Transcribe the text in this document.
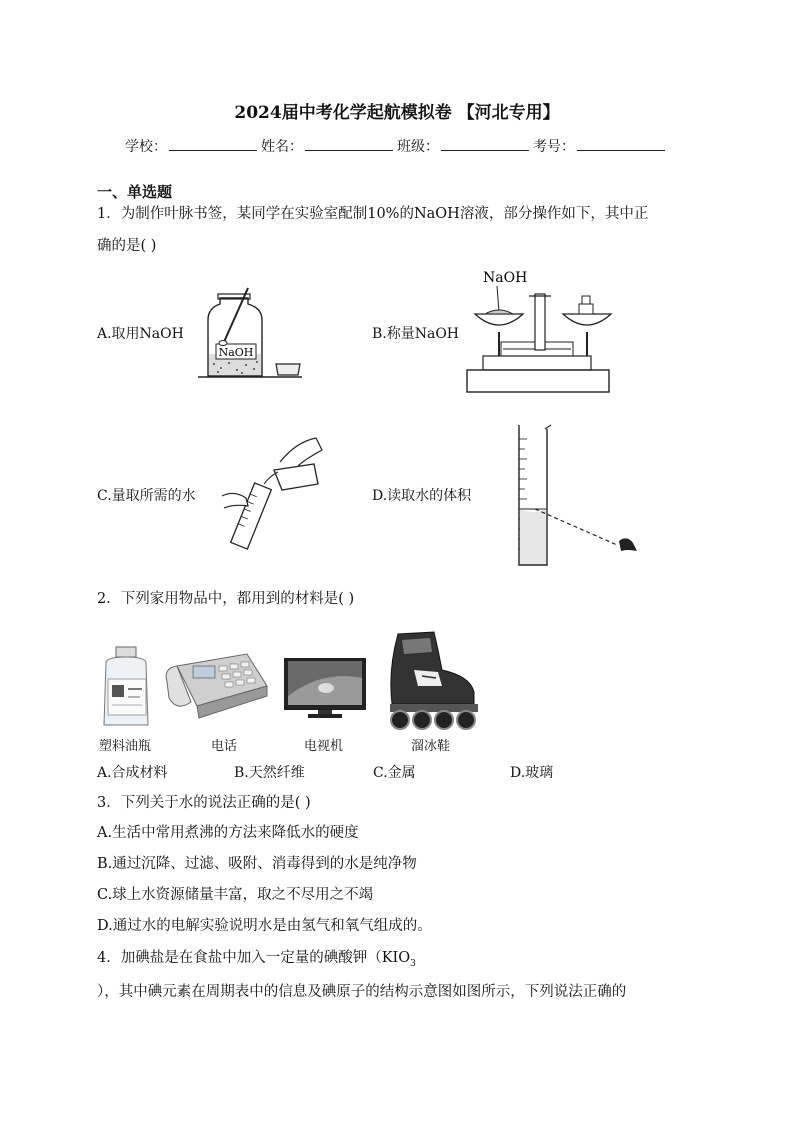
2024届中考化学起航模拟卷 【河北专用】
学校：	姓名：	班级：	考号：
一、单选题
1．为制作叶脉书签，某同学在实验室配制10%的NaOH溶液，部分操作如下，其中正
确的是( )
A.取用NaOH	B.称量NaOH
C.量取所需的水	D.读取水的体积
NaOH
NaOH
2．下列家用物品中，都用到的材料是( )
塑料油瓶	电话	电视机	溜冰鞋
A.合成材料	B.天然纤维	C.金属	D.玻璃
3．下列关于水的说法正确的是( )
A.生活中常用煮沸的方法来降低水的硬度
B.通过沉降、过滤、吸附、消毒得到的水是纯净物
C.球上水资源储量丰富，取之不尽用之不竭
D.通过水的电解实验说明水是由氢气和氧气组成的。
4．加碘盐是在食盐中加入一定量的碘酸钾（$KIO_3$
），其中碘元素在周期表中的信息及碘原子的结构示意图如图所示，下列说法正确的
